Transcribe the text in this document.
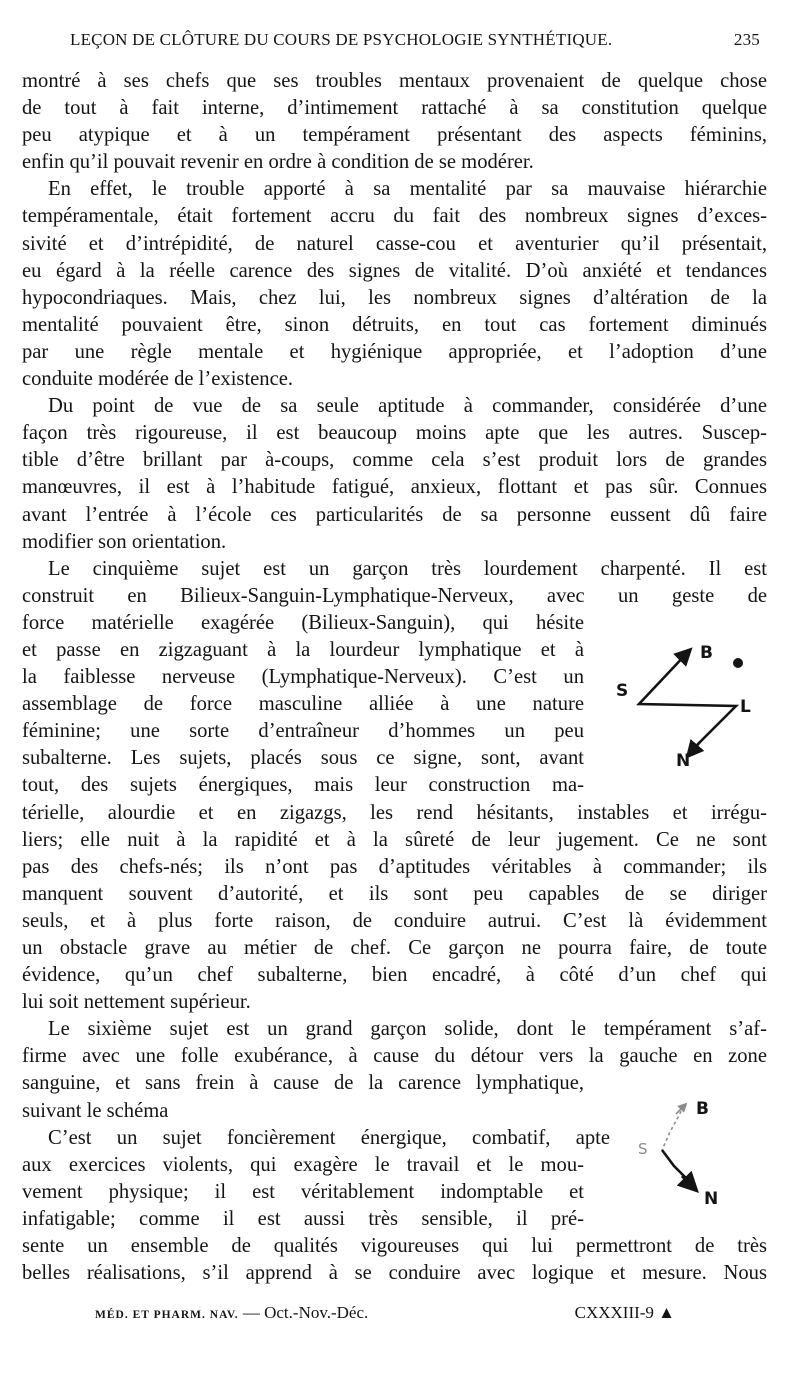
LEÇON DE CLÔTURE DU COURS DE PSYCHOLOGIE SYNTHÉTIQUE.	235
montré à ses chefs que ses troubles mentaux provenaient de quelque chose
de tout à fait interne, d’intimement rattaché à sa constitution quelque
peu atypique et à un tempérament présentant des aspects féminins,
enfin qu’il pouvait revenir en ordre à condition de se modérer.
En effet, le trouble apporté à sa mentalité par sa mauvaise hiérarchie
tempéramentale, était fortement accru du fait des nombreux signes d’exces-
sivité et d’intrépidité, de naturel casse-cou et aventurier qu’il présentait,
eu égard à la réelle carence des signes de vitalité. D’où anxiété et tendances
hypocondriaques. Mais, chez lui, les nombreux signes d’altération de la
mentalité pouvaient être, sinon détruits, en tout cas fortement diminués
par une règle mentale et hygiénique appropriée, et l’adoption d’une
conduite modérée de l’existence.
Du point de vue de sa seule aptitude à commander, considérée d’une
façon très rigoureuse, il est beaucoup moins apte que les autres. Suscep-
tible d’être brillant par à-coups, comme cela s’est produit lors de grandes
manœuvres, il est à l’habitude fatigué, anxieux, flottant et pas sûr. Connues
avant l’entrée à l’école ces particularités de sa personne eussent dû faire
modifier son orientation.
Le cinquième sujet est un garçon très lourdement charpenté. Il est
construit en Bilieux-Sanguin-Lymphatique-Nerveux, avec un geste de
force matérielle exagérée (Bilieux-Sanguin), qui hésite
et passe en zigzaguant à la lourdeur lymphatique et à
la faiblesse nerveuse (Lymphatique-Nerveux). C’est un
assemblage de force masculine alliée à une nature
féminine; une sorte d’entraîneur d’hommes un peu
subalterne. Les sujets, placés sous ce signe, sont, avant
tout, des sujets énergiques, mais leur construction ma-
térielle, alourdie et en zigazgs, les rend hésitants, instables et irrégu-
liers; elle nuit à la rapidité et à la sûreté de leur jugement. Ce ne sont
pas des chefs-nés; ils n’ont pas d’aptitudes véritables à commander; ils
manquent souvent d’autorité, et ils sont peu capables de se diriger
seuls, et à plus forte raison, de conduire autrui. C’est là évidemment
un obstacle grave au métier de chef. Ce garçon ne pourra faire, de toute
évidence, qu’un chef subalterne, bien encadré, à côté d’un chef qui
lui soit nettement supérieur.
Le sixième sujet est un grand garçon solide, dont le tempérament s’af-
firme avec une folle exubérance, à cause du détour vers la gauche en zone
sanguine, et sans frein à cause de la carence lymphatique,
suivant le schéma
C’est un sujet foncièrement énergique, combatif, apte
aux exercices violents, qui exagère le travail et le mou-
vement physique; il est véritablement indomptable et
infatigable; comme il est aussi très sensible, il pré-
sente un ensemble de qualités vigoureuses qui lui permettront de très
belles réalisations, s’il apprend à se conduire avec logique et mesure. Nous
B
S
L
N
B
S
N
MÉD. ET PHARM. NAV. — Oct.-Nov.-Déc.	CXXXIII-9 ▲
